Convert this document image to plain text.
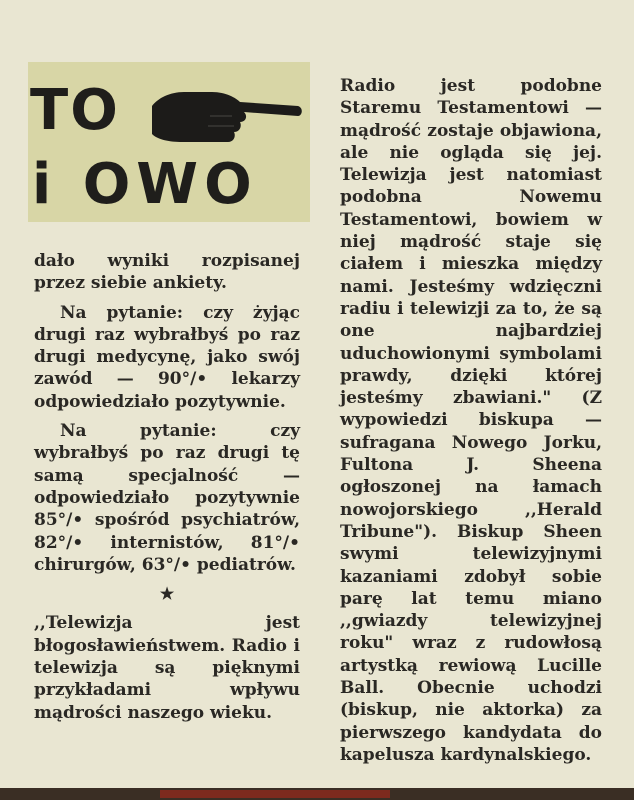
TO
i OWO

dało wyniki rozpisanej przez siebie ankiety.

Na pytanie: czy żyjąc drugi raz wybrałbyś po raz drugi medycynę, jako swój zawód — 90°/• lekarzy odpowiedziało pozytywnie.

Na pytanie: czy wybrałbyś po raz drugi tę samą specjalność — odpowiedziało pozytywnie 85°/• spośród psychiatrów, 82°/• internistów, 81°/• chirurgów, 63°/• pediatrów.

★

,,Telewizja jest błogosławieństwem. Radio i telewizja są pięknymi przykładami wpływu mądrości naszego wieku.

Radio jest podobne Staremu Testamentowi — mądrość zostaje objawiona, ale nie ogląda się jej. Telewizja jest natomiast podobna Nowemu Testamentowi, bowiem w niej mądrość staje się ciałem i mieszka między nami. Jesteśmy wdzięczni radiu i telewizji za to, że są one najbardziej uduchowionymi symbolami prawdy, dzięki której jesteśmy zbawiani." (Z wypowiedzi biskupa — sufragana Nowego Jorku, Fultona J. Sheena ogłoszonej na łamach nowojorskiego ,,Herald Tribune"). Biskup Sheen swymi telewizyjnymi kazaniami zdobył sobie parę lat temu miano ,,gwiazdy telewizyjnej roku" wraz z rudowłosą artystką rewiową Lucille Ball. Obecnie uchodzi (biskup, nie aktorka) za pierwszego kandydata do kapelusza kardynalskiego.
